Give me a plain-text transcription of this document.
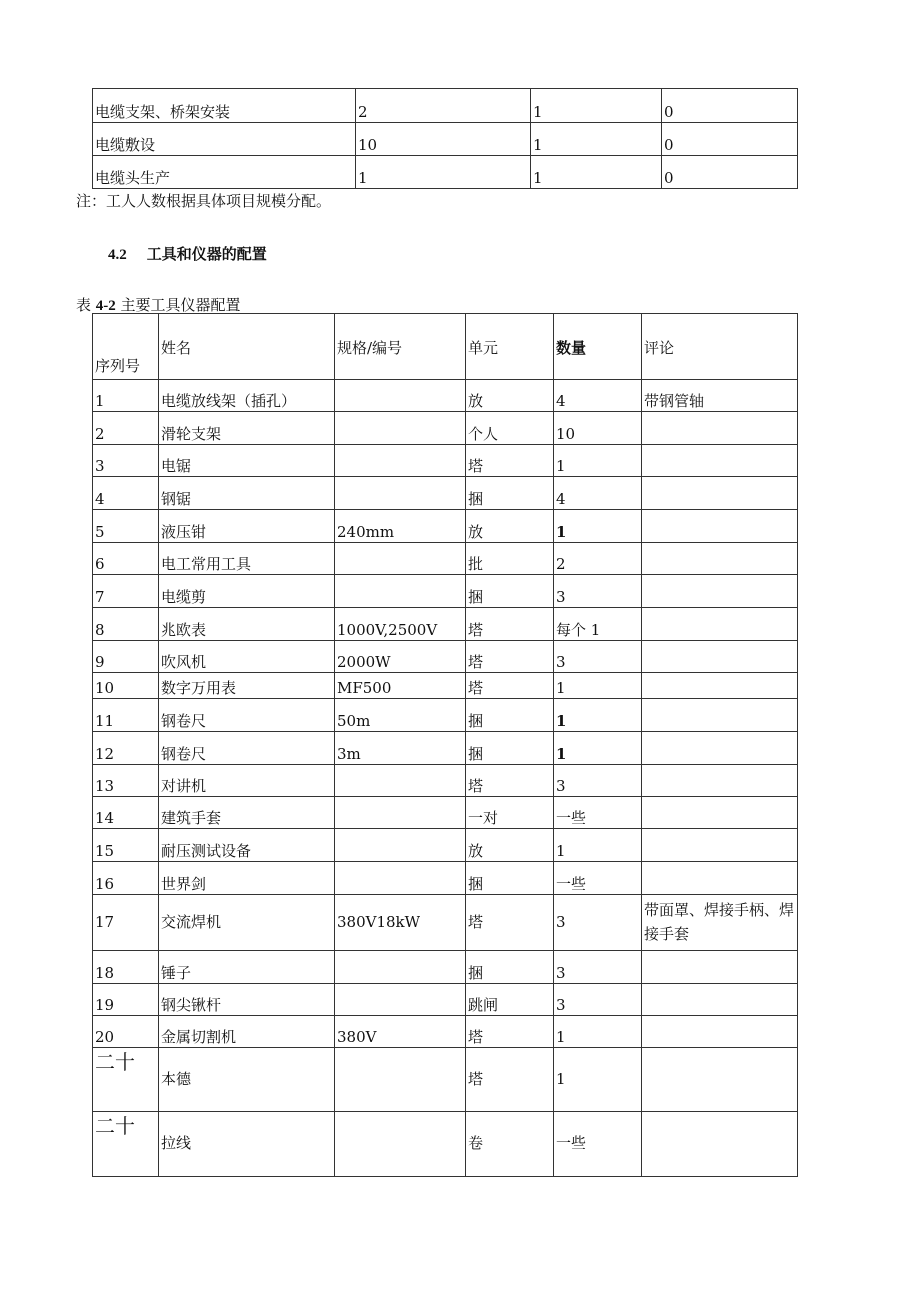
电缆支架、桥架安装	2	1	0
电缆敷设	10	1	0
电缆头生产	1	1	0
注：工人人数根据具体项目规模分配。
4.2 工具和仪器的配置
表 4-2 主要工具仪器配置
序列号	姓名	规格/编号	单元	数量	评论
1	电缆放线架（插孔）		放	4	带钢管轴
2	滑轮支架		个人	10	
3	电锯		塔	1	
4	钢锯		捆	4	
5	液压钳	240mm	放	1	
6	电工常用工具		批	2	
7	电缆剪		捆	3	
8	兆欧表	1000V,2500V	塔	每个 1	
9	吹风机	2000W	塔	3	
10	数字万用表	MF500	塔	1	
11	钢卷尺	50m	捆	1	
12	钢卷尺	3m	捆	1	
13	对讲机		塔	3	
14	建筑手套		一对	一些	
15	耐压测试设备		放	1	
16	世界剑		捆	一些	
17	交流焊机	380V18kW	塔	3	带面罩、焊接手柄、焊接手套
18	锤子		捆	3	
19	钢尖锹杆		跳闸	3	
20	金属切割机	380V	塔	1	
二十	本德		塔	1	
二十	拉线		卷	一些	
